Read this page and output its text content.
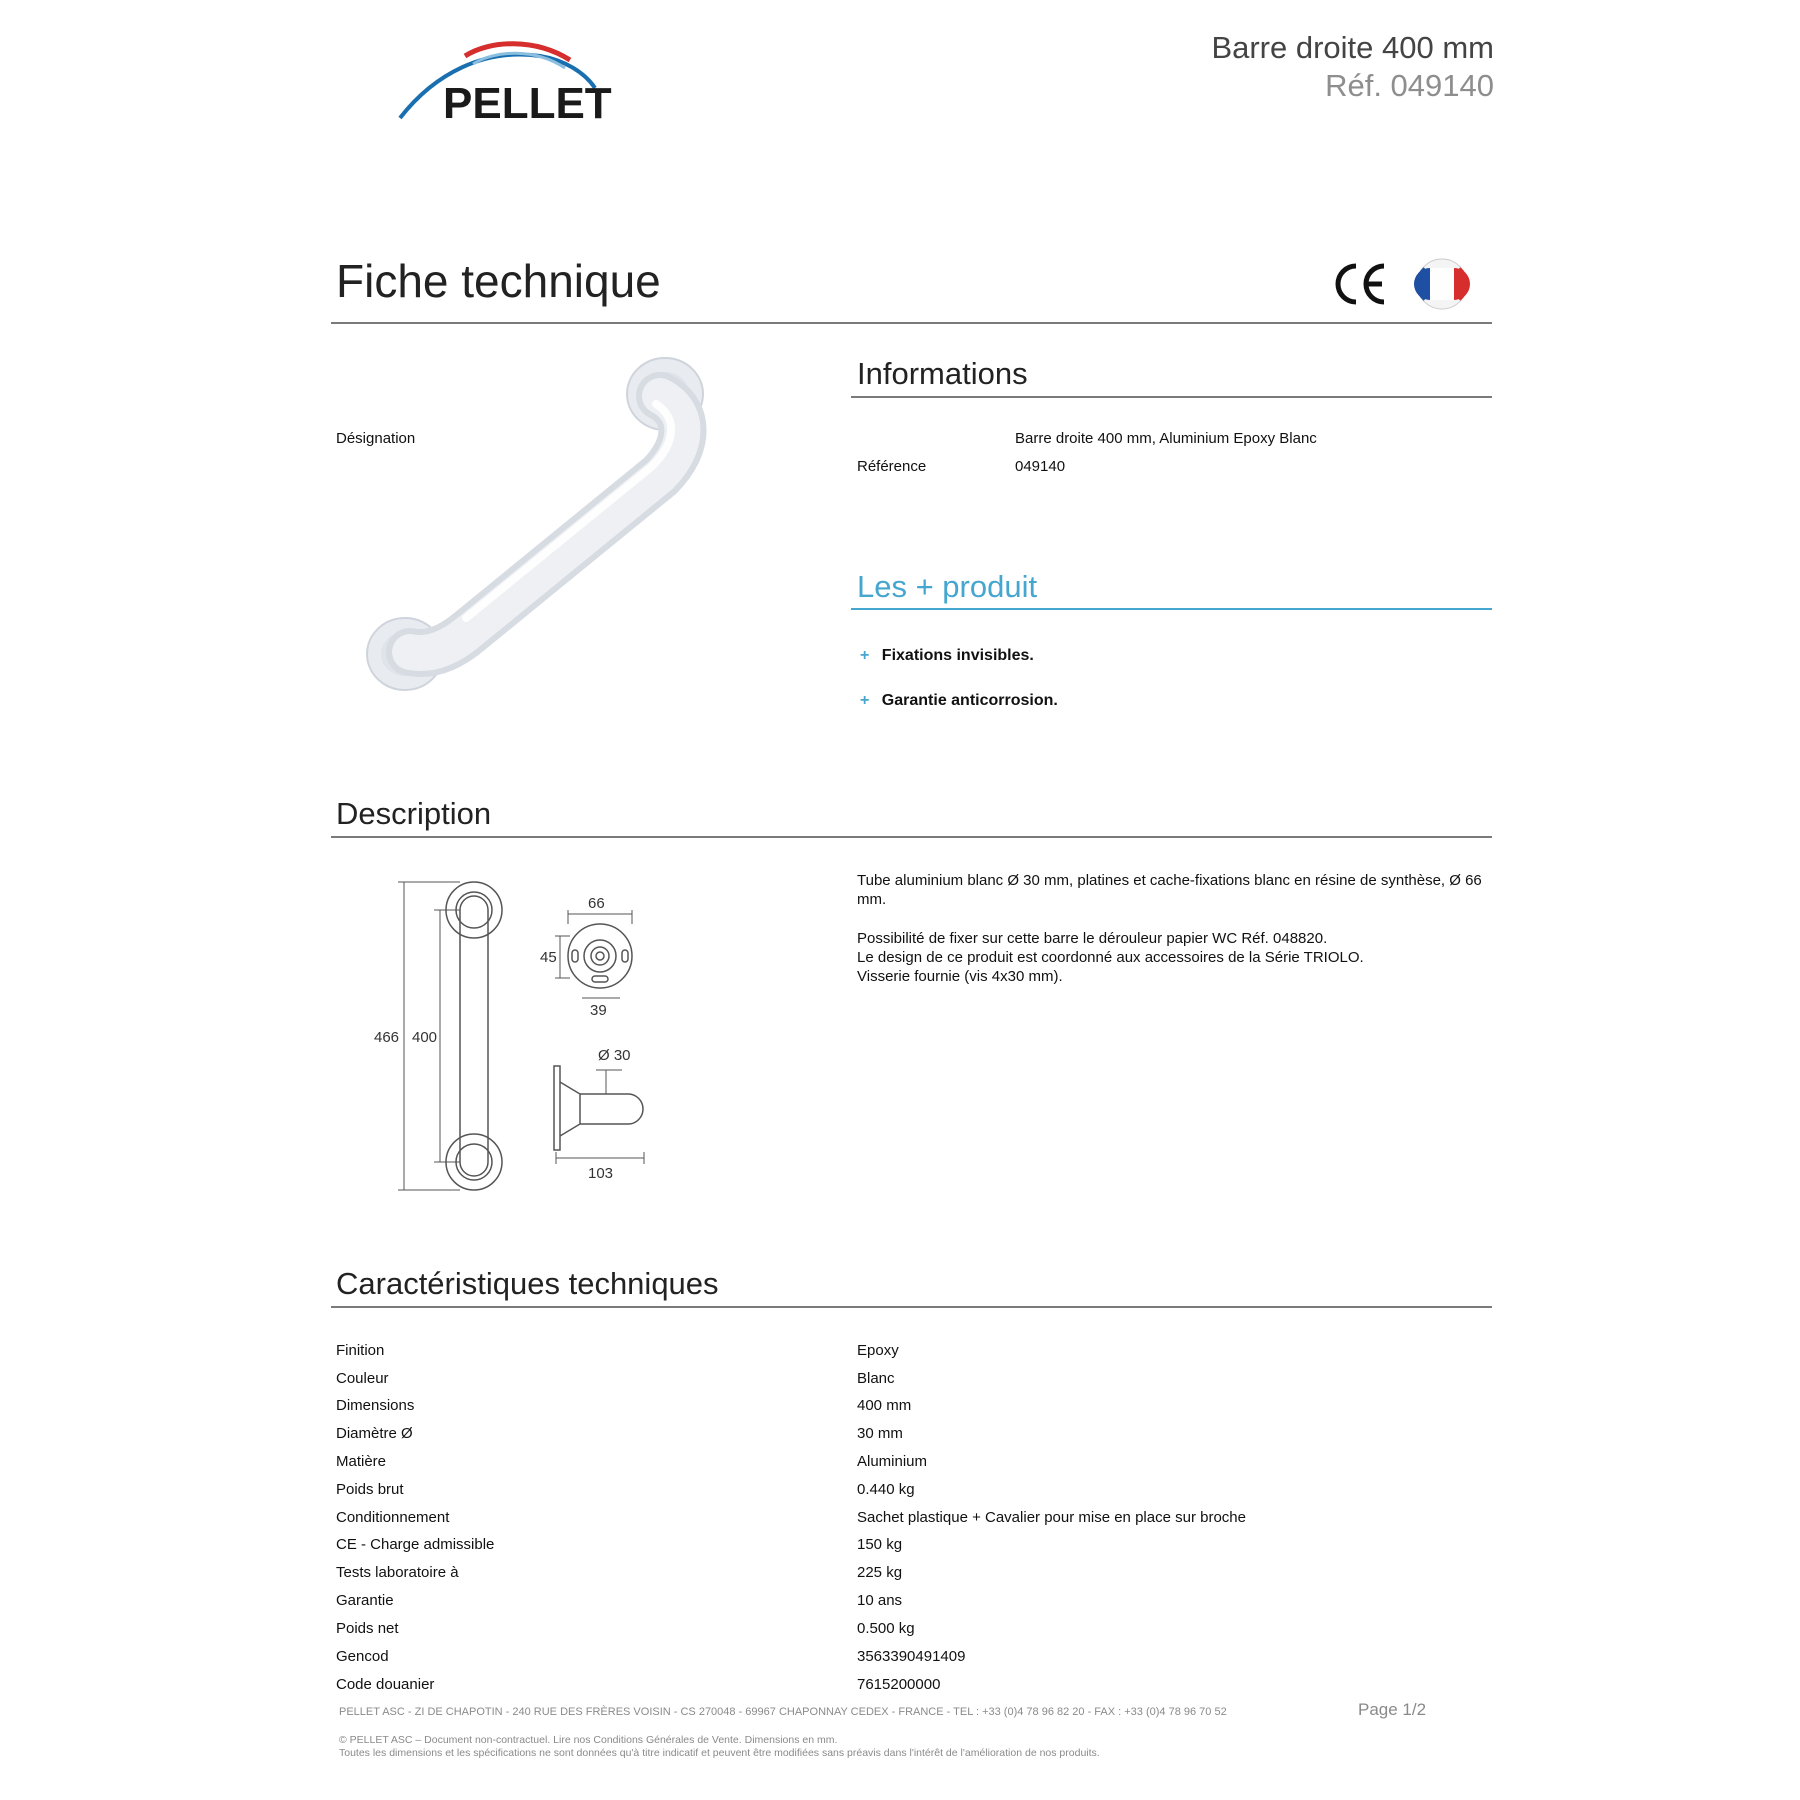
PELLET
Barre droite 400 mm
Réf. 049140
Fiche technique	CE
Informations
Désignation	Barre droite 400 mm, Aluminium Epoxy Blanc
Référence	049140
Les + produit
+ Fixations invisibles.
+ Garantie anticorrosion.
Description
466 400
66
45
39
Ø 30
103
Tube aluminium blanc Ø 30 mm, platines et cache-fixations blanc en résine de synthèse, Ø 66 mm.
Possibilité de fixer sur cette barre le dérouleur papier WC Réf. 048820.
Le design de ce produit est coordonné aux accessoires de la Série TRIOLO.
Visserie fournie (vis 4x30 mm).
Caractéristiques techniques
Finition	Epoxy
Couleur	Blanc
Dimensions	400 mm
Diamètre Ø	30 mm
Matière	Aluminium
Poids brut	0.440 kg
Conditionnement	Sachet plastique + Cavalier pour mise en place sur broche
CE - Charge admissible	150 kg
Tests laboratoire à	225 kg
Garantie	10 ans
Poids net	0.500 kg
Gencod	3563390491409
Code douanier	7615200000
PELLET ASC - ZI DE CHAPOTIN - 240 RUE DES FRÈRES VOISIN - CS 270048 - 69967 CHAPONNAY CEDEX - FRANCE - TEL : +33 (0)4 78 96 82 20 - FAX : +33 (0)4 78 96 70 52	Page 1/2
© PELLET ASC – Document non-contractuel. Lire nos Conditions Générales de Vente. Dimensions en mm.
Toutes les dimensions et les spécifications ne sont données qu'à titre indicatif et peuvent être modifiées sans préavis dans l'intérêt de l'amélioration de nos produits.
